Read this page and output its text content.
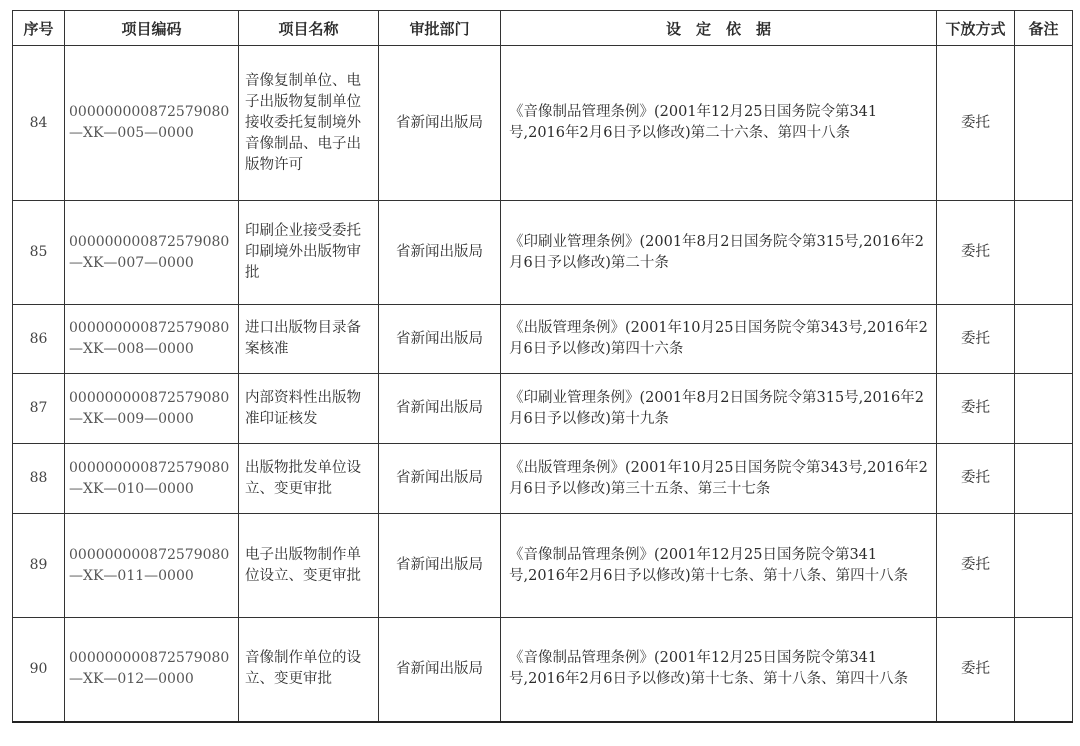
序号	项目编码	项目名称	审批部门	设　定　依　据	下放方式	备注
84	000000000872579080—XK—005—0000	音像复制单位、电子出版物复制单位接收委托复制境外音像制品、电子出版物许可	省新闻出版局	《音像制品管理条例》(2001年12月25日国务院令第341号,2016年2月6日予以修改)第二十六条、第四十八条	委托	
85	000000000872579080—XK—007—0000	印刷企业接受委托印刷境外出版物审批	省新闻出版局	《印刷业管理条例》(2001年8月2日国务院令第315号,2016年2月6日予以修改)第二十条	委托	
86	000000000872579080—XK—008—0000	进口出版物目录备案核准	省新闻出版局	《出版管理条例》(2001年10月25日国务院令第343号,2016年2月6日予以修改)第四十六条	委托	
87	000000000872579080—XK—009—0000	内部资料性出版物准印证核发	省新闻出版局	《印刷业管理条例》(2001年8月2日国务院令第315号,2016年2月6日予以修改)第十九条	委托	
88	000000000872579080—XK—010—0000	出版物批发单位设立、变更审批	省新闻出版局	《出版管理条例》(2001年10月25日国务院令第343号,2016年2月6日予以修改)第三十五条、第三十七条	委托	
89	000000000872579080—XK—011—0000	电子出版物制作单位设立、变更审批	省新闻出版局	《音像制品管理条例》(2001年12月25日国务院令第341号,2016年2月6日予以修改)第十七条、第十八条、第四十八条	委托	
90	000000000872579080—XK—012—0000	音像制作单位的设立、变更审批	省新闻出版局	《音像制品管理条例》(2001年12月25日国务院令第341号,2016年2月6日予以修改)第十七条、第十八条、第四十八条	委托	
